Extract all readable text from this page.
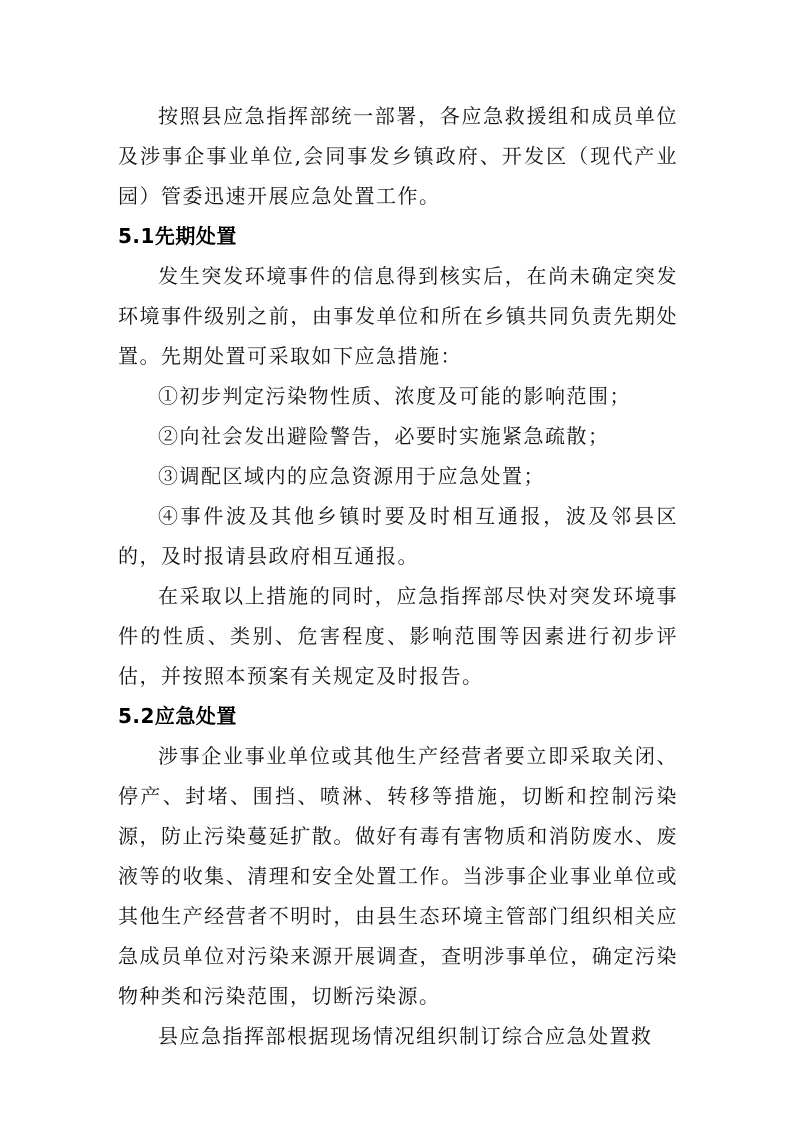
按照县应急指挥部统一部署，各应急救援组和成员单位及涉事企事业单位,会同事发乡镇政府、开发区（现代产业园）管委迅速开展应急处置工作。

5.1先期处置

发生突发环境事件的信息得到核实后，在尚未确定突发环境事件级别之前，由事发单位和所在乡镇共同负责先期处置。先期处置可采取如下应急措施：

①初步判定污染物性质、浓度及可能的影响范围；

②向社会发出避险警告，必要时实施紧急疏散；

③调配区域内的应急资源用于应急处置；

④事件波及其他乡镇时要及时相互通报，波及邻县区的，及时报请县政府相互通报。

在采取以上措施的同时，应急指挥部尽快对突发环境事件的性质、类别、危害程度、影响范围等因素进行初步评估，并按照本预案有关规定及时报告。

5.2应急处置

涉事企业事业单位或其他生产经营者要立即采取关闭、停产、封堵、围挡、喷淋、转移等措施，切断和控制污染源，防止污染蔓延扩散。做好有毒有害物质和消防废水、废液等的收集、清理和安全处置工作。当涉事企业事业单位或其他生产经营者不明时，由县生态环境主管部门组织相关应急成员单位对污染来源开展调查，查明涉事单位，确定污染物种类和污染范围，切断污染源。

县应急指挥部根据现场情况组织制订综合应急处置救
